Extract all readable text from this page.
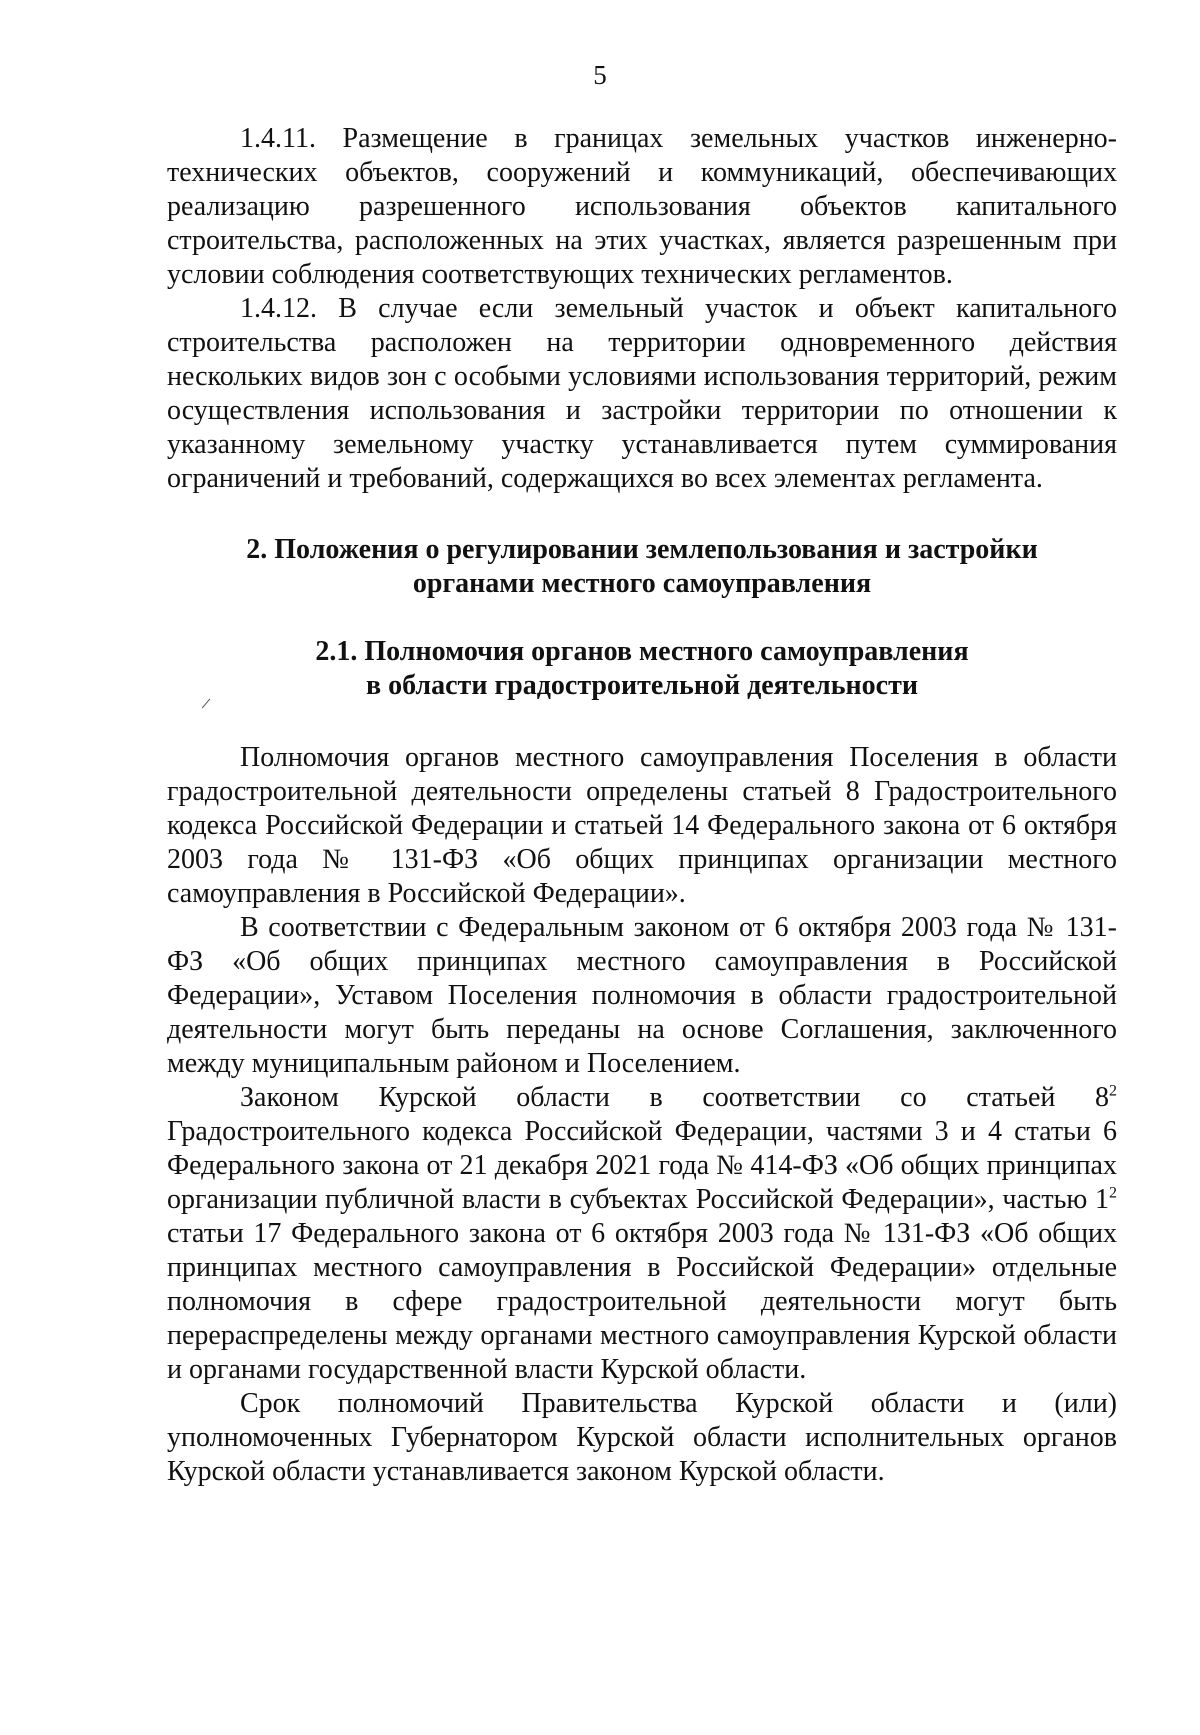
5

1.4.11. Размещение в границах земельных участков инженерно-технических объектов, сооружений и коммуникаций, обеспечивающих реализацию разрешенного использования объектов капитального строительства, расположенных на этих участках, является разрешенным при условии соблюдения соответствующих технических регламентов.

1.4.12. В случае если земельный участок и объект капитального строительства расположен на территории одновременного действия нескольких видов зон с особыми условиями использования территорий, режим осуществления использования и застройки территории по отношении к указанному земельному участку устанавливается путем суммирования ограничений и требований, содержащихся во всех элементах регламента.

2. Положения о регулировании землепользования и застройки
органами местного самоуправления
2.1. Полномочия органов местного самоуправления
в области градостроительной деятельности

Полномочия органов местного самоуправления Поселения в области градостроительной деятельности определены статьей 8 Градостроительного кодекса Российской Федерации и статьей 14 Федерального закона от 6 октября 2003 года № 131-ФЗ «Об общих принципах организации местного самоуправления в Российской Федерации».

В соответствии с Федеральным законом от 6 октября 2003 года № 131-ФЗ «Об общих принципах местного самоуправления в Российской Федерации», Уставом Поселения полномочия в области градостроительной деятельности могут быть переданы на основе Соглашения, заключенного между муниципальным районом и Поселением.

Законом Курской области в соответствии со статьей $8^2$ Градостроительного кодекса Российской Федерации, частями 3 и 4 статьи 6 Федерального закона от 21 декабря 2021 года № 414-ФЗ «Об общих принципах организации публичной власти в субъектах Российской Федерации», частью $1^2$ статьи 17 Федерального закона от 6 октября 2003 года № 131-ФЗ «Об общих принципах местного самоуправления в Российской Федерации» отдельные полномочия в сфере градостроительной деятельности могут быть перераспределены между органами местного самоуправления Курской области и органами государственной власти Курской области.

Срок полномочий Правительства Курской области и (или) уполномоченных Губернатором Курской области исполнительных органов Курской области устанавливается законом Курской области.
